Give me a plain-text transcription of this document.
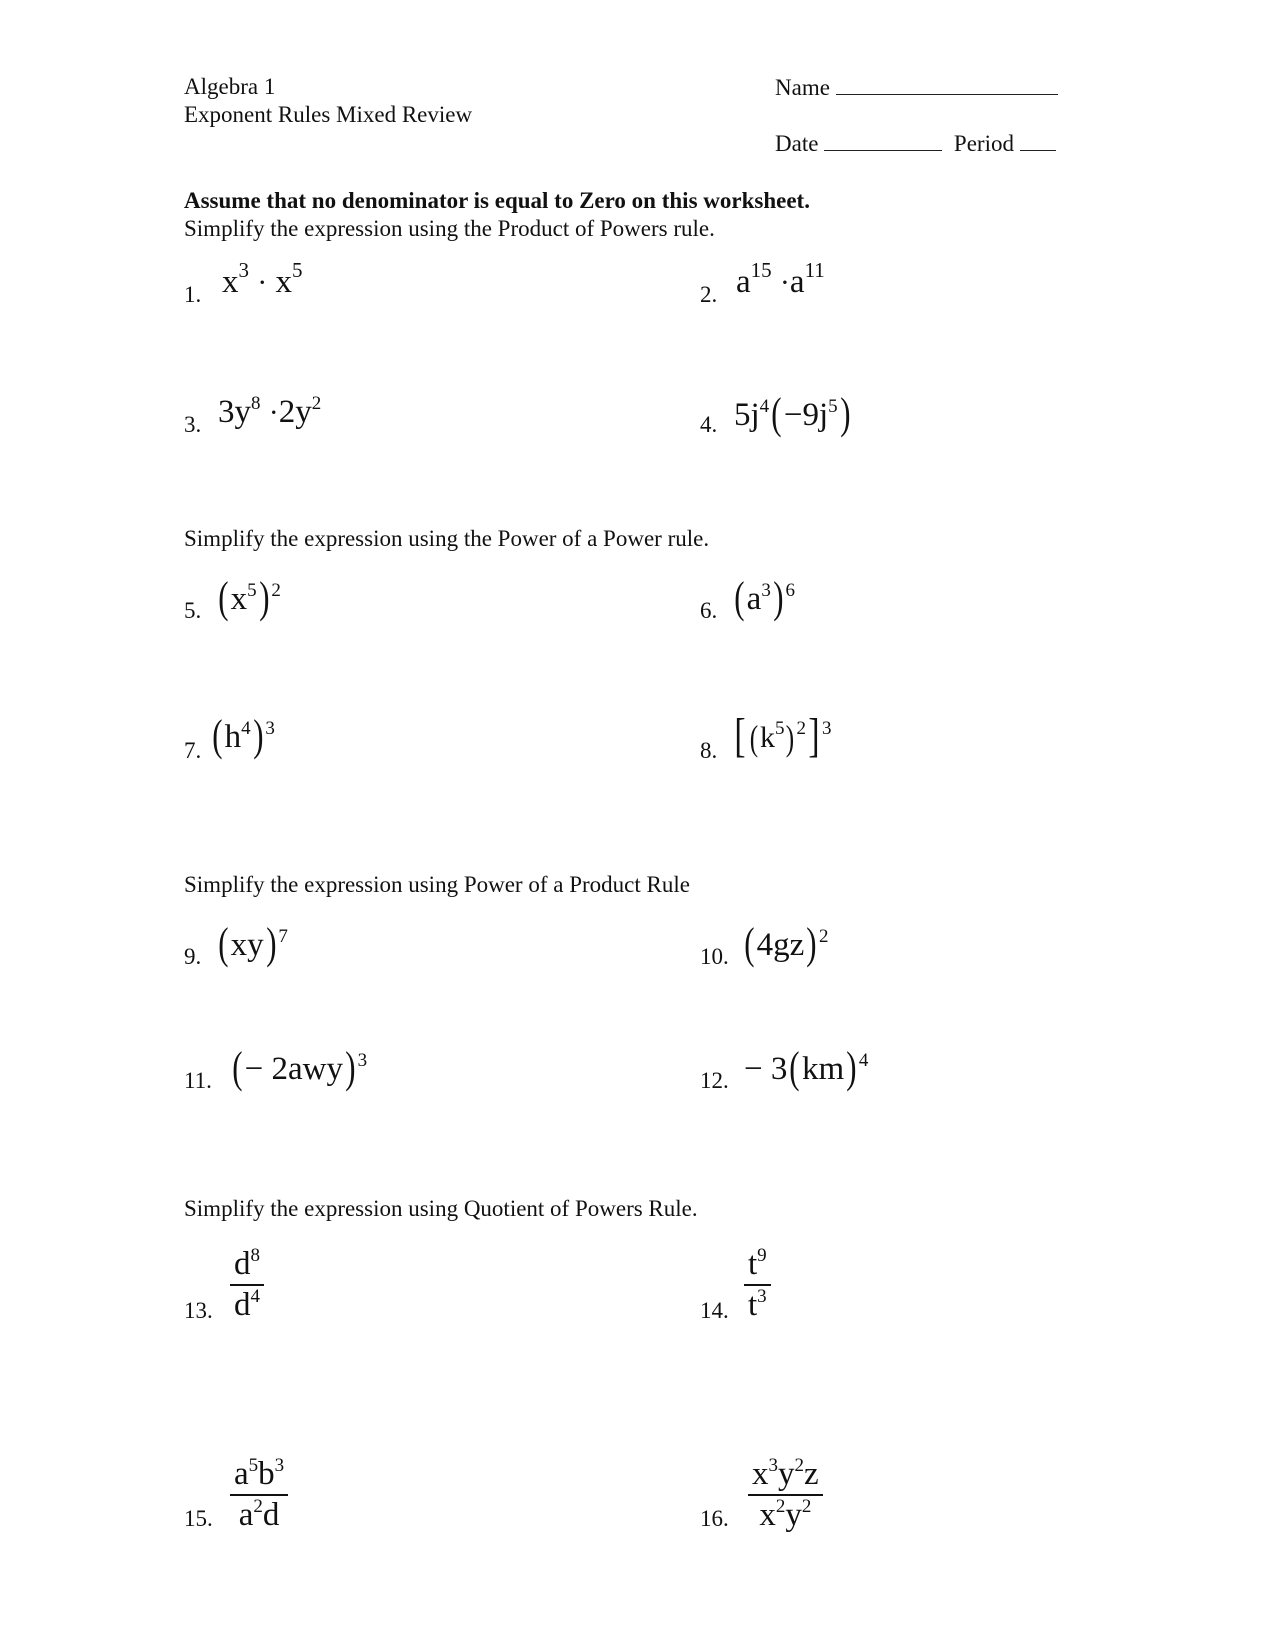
Algebra 1
Exponent Rules Mixed Review
Name
Date	Period
Assume that no denominator is equal to Zero on this worksheet.
Simplify the expression using the Product of Powers rule.
1. $x^3 \cdot x^5$
2. $a^{15} \cdot a^{11}$
3. $3y^8 \cdot 2y^2$
4. $5j^4(-9j^5)$
Simplify the expression using the Power of a Power rule.
5. $(x^5)$ $^2$
6. $(a^3)$ $^6$
7. $(h^4)$ $^3$
8. [ $(k^5)^2$] $^3$
Simplify the expression using Power of a Product Rule
9. (xy) $^7$
10. (4gz) $^2$
11. (− 2awy) $^3$
12. − 3(km) $^4$
Simplify the expression using Quotient of Powers Rule.
13. $\frac{d^8}{d^4}$	14. $\frac{t^9}{t^3}$
15. $\frac{a^5b^3}{a^2d}$	16. $\frac{x^3y^2z}{x^2y^2}$
